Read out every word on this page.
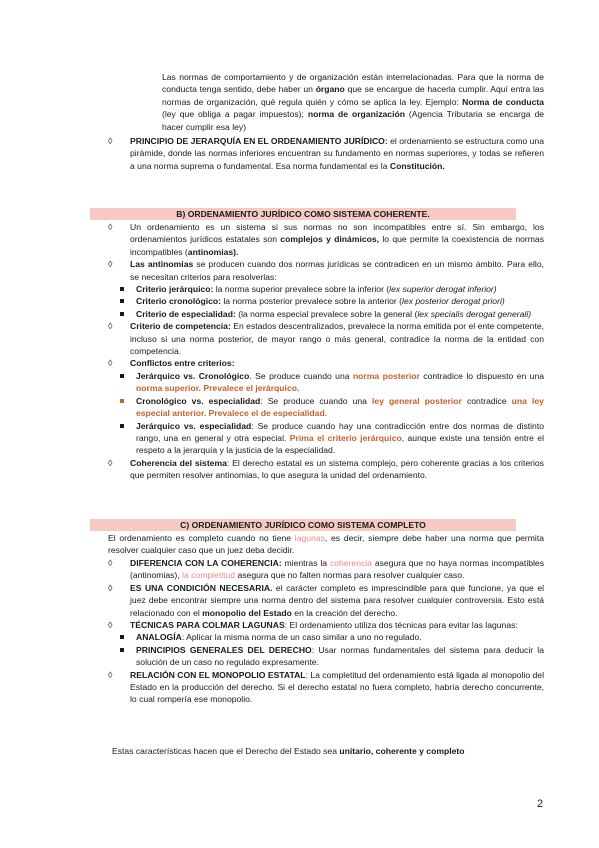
Las normas de comportamiento y de organización están interrelacionadas. Para que la norma de conducta tenga sentido, debe haber un órgano que se encargue de hacerla cumplir. Aquí entra las normas de organización, qué regula quién y cómo se aplica la ley. Ejemplo: Norma de conducta (ley que obliga a pagar impuestos); norma de organización (Agencia Tributaria se encarga de hacer cumplir esa ley)

◊ PRINCIPIO DE JERARQUÍA EN EL ORDENAMIENTO JURÍDICO: el ordenamiento se estructura como una pirámide, donde las normas inferiores encuentran su fundamento en normas superiores, y todas se refieren a una norma suprema o fundamental. Esa norma fundamental es la Constitución.

B) ORDENAMIENTO JURÍDICO COMO SISTEMA COHERENTE.
◊ Un ordenamiento es un sistema si sus normas no son incompatibles entre sí. Sin embargo, los ordenamientos jurídicos estatales son complejos y dinámicos, lo que permite la coexistencia de normas incompatibles (antinomias).

◊ Las antinomias se producen cuando dos normas jurídicas se contradicen en un mismo ámbito. Para ello, se necesitan criterios para resolverlas:

Criterio jerárquico: la norma superior prevalece sobre la inferior (lex superior derogat inferior)

Criterio cronológico: la norma posterior prevalece sobre la anterior (lex posterior derogat priori)

Criterio de especialidad: (la norma especial prevalece sobre la general (lex specialis derogat generali)

◊ Criterio de competencia: En estados descentralizados, prevalece la norma emitida por el ente competente, incluso si una norma posterior, de mayor rango o más general, contradice la norma de la entidad con competencia.

◊ Conflictos entre criterios:

Jerárquico vs. Cronológico. Se produce cuando una norma posterior contradice lo dispuesto en una norma superior. Prevalece el jerárquico.

Cronológico vs. especialidad: Se produce cuando una ley general posterior contradice una ley especial anterior. Prevalece el de especialidad.

Jerárquico vs. especialidad: Se produce cuando hay una contradicción entre dos normas de distinto rango, una en general y otra especial. Prima el criterio jerárquico, aunque existe una tensión entre el respeto a la jerarquía y la justicia de la especialidad.

◊ Coherencia del sistema: El derecho estatal es un sistema complejo, pero coherente gracias a los criterios que permiten resolver antinomias, lo que asegura la unidad del ordenamiento.

C) ORDENAMIENTO JURÍDICO COMO SISTEMA COMPLETO

El ordenamiento es completo cuando no tiene lagunas, es decir, siempre debe haber una norma que permita resolver cualquier caso que un juez deba decidir.

◊ DIFERENCIA CON LA COHERENCIA: mientras la coherencia asegura que no haya normas incompatibles (antinomias), la completitud asegura que no falten normas para resolver cualquier caso.

◊ ES UNA CONDICIÓN NECESARIA. el carácter completo es imprescindible para que funcione, ya que el juez debe encontrar siempre una norma dentro del sistema para resolver cualquier controversia. Esto está relacionado con el monopolio del Estado en la creación del derecho.

◊ TÉCNICAS PARA COLMAR LAGUNAS: El ordenamiento utiliza dos técnicas para evitar las lagunas:

ANALOGÍA: Aplicar la misma norma de un caso similar a uno no regulado.

PRINCIPIOS GENERALES DEL DERECHO: Usar normas fundamentales del sistema para deducir la solución de un caso no regulado expresamente.

◊ RELACIÓN CON EL MONOPOLIO ESTATAL: La completitud del ordenamiento está ligada al monopolio del Estado en la producción del derecho. Si el derecho estatal no fuera completo, habría derecho concurrente, lo cual rompería ese monopolio.

Estas características hacen que el Derecho del Estado sea unitario, coherente y completo

2
